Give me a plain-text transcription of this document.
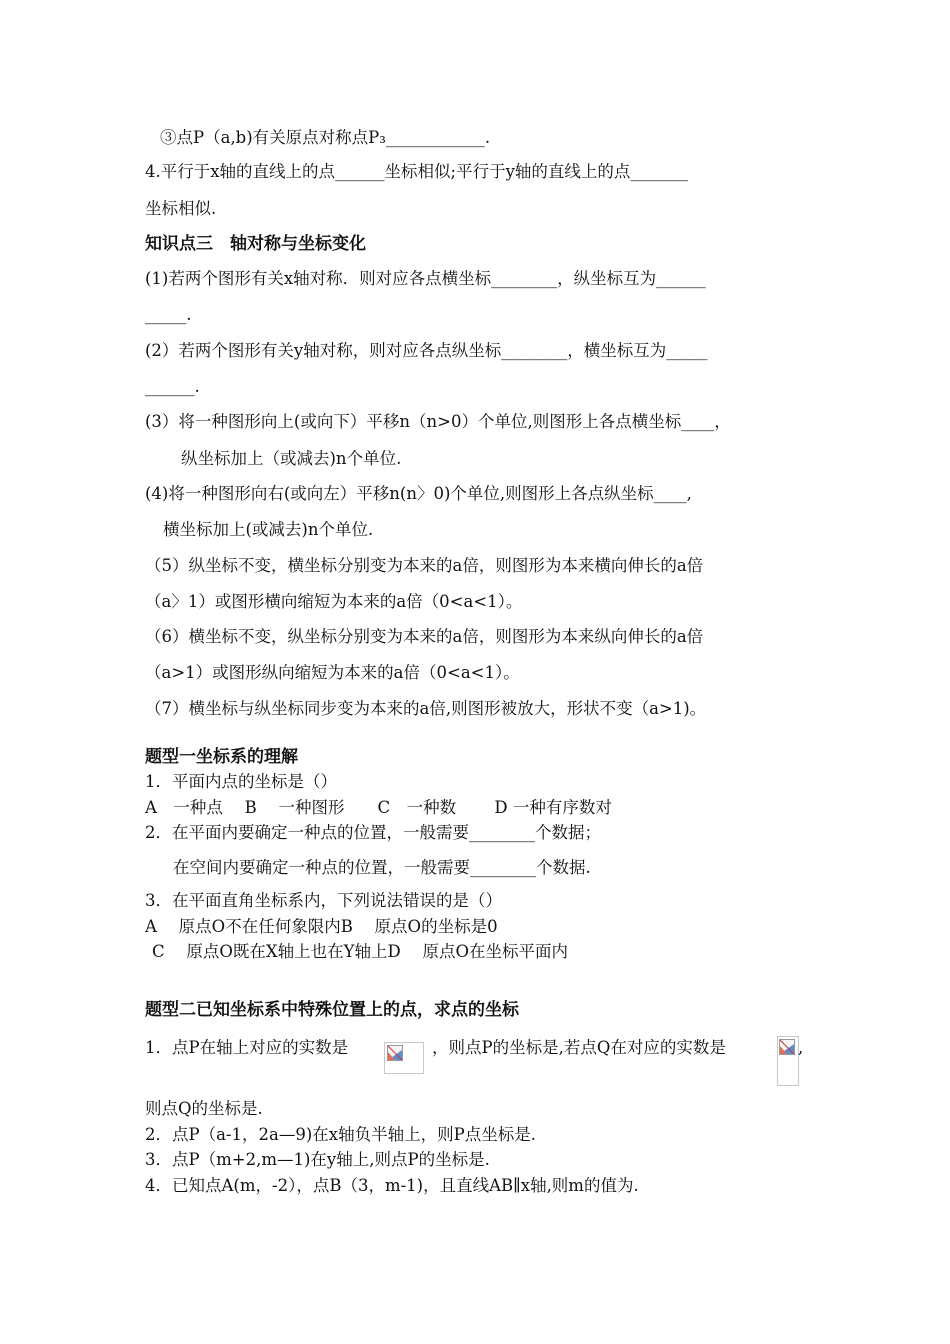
③点P（a,b)有关原点对称点P₃____________.
4.平行于x轴的直线上的点______坐标相似;平行于y轴的直线上的点_______
坐标相似.
知识点三　轴对称与坐标变化
(1)若两个图形有关x轴对称．则对应各点横坐标________，纵坐标互为______
_____.
(2）若两个图形有关y轴对称，则对应各点纵坐标________，横坐标互为_____
______.
(3）将一种图形向上(或向下）平移n（n>0）个单位,则图形上各点横坐标____，
纵坐标加上（或减去)n个单位.
(4)将一种图形向右(或向左）平移n(n〉0)个单位,则图形上各点纵坐标____,
横坐标加上(或减去)n个单位.
（5）纵坐标不变，横坐标分别变为本来的a倍，则图形为本来横向伸长的a倍
（a〉1）或图形横向缩短为本来的a倍（0<a<1）。
（6）横坐标不变，纵坐标分别变为本来的a倍，则图形为本来纵向伸长的a倍
（a>1）或图形纵向缩短为本来的a倍（0<a<1）。
（7）横坐标与纵坐标同步变为本来的a倍,则图形被放大，形状不变（a>1)。
题型一坐标系的理解
1．平面内点的坐标是（）
A　一种点　 B　 一种图形　　C　一种数　　 D 一种有序数对
2．在平面内要确定一种点的位置，一般需要________个数据；
在空间内要确定一种点的位置，一般需要________个数据.
3．在平面直角坐标系内，下列说法错误的是（）
A　 原点O不在任何象限内B　 原点O的坐标是0
C　 原点O既在X轴上也在Y轴上D　 原点O在坐标平面内
题型二已知坐标系中特殊位置上的点，求点的坐标
1．点P在轴上对应的实数是	，则点P的坐标是,若点Q在对应的实数是	,
则点Q的坐标是.
2．点P（a-1，2a—9)在x轴负半轴上，则P点坐标是.
3．点P（m+2,m—1)在y轴上,则点P的坐标是.
4．已知点A(m，-2），点B（3，m-1)，且直线AB∥x轴,则m的值为.
